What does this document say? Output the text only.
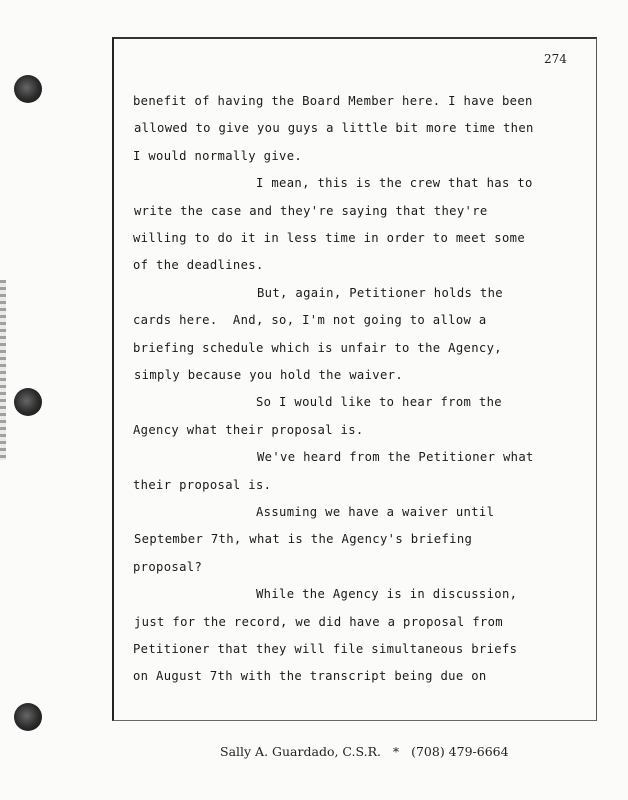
274
benefit of having the Board Member here. I have been
allowed to give you guys a little bit more time then
I would normally give.
I mean, this is the crew that has to
write the case and they're saying that they're
willing to do it in less time in order to meet some
of the deadlines.
But, again, Petitioner holds the
cards here.  And, so, I'm not going to allow a
briefing schedule which is unfair to the Agency,
simply because you hold the waiver.
So I would like to hear from the
Agency what their proposal is.
We've heard from the Petitioner what
their proposal is.
Assuming we have a waiver until
September 7th, what is the Agency's briefing
proposal?
While the Agency is in discussion,
just for the record, we did have a proposal from
Petitioner that they will file simultaneous briefs
on August 7th with the transcript being due on
Sally A. Guardado, C.S.R. * (708) 479-6664
